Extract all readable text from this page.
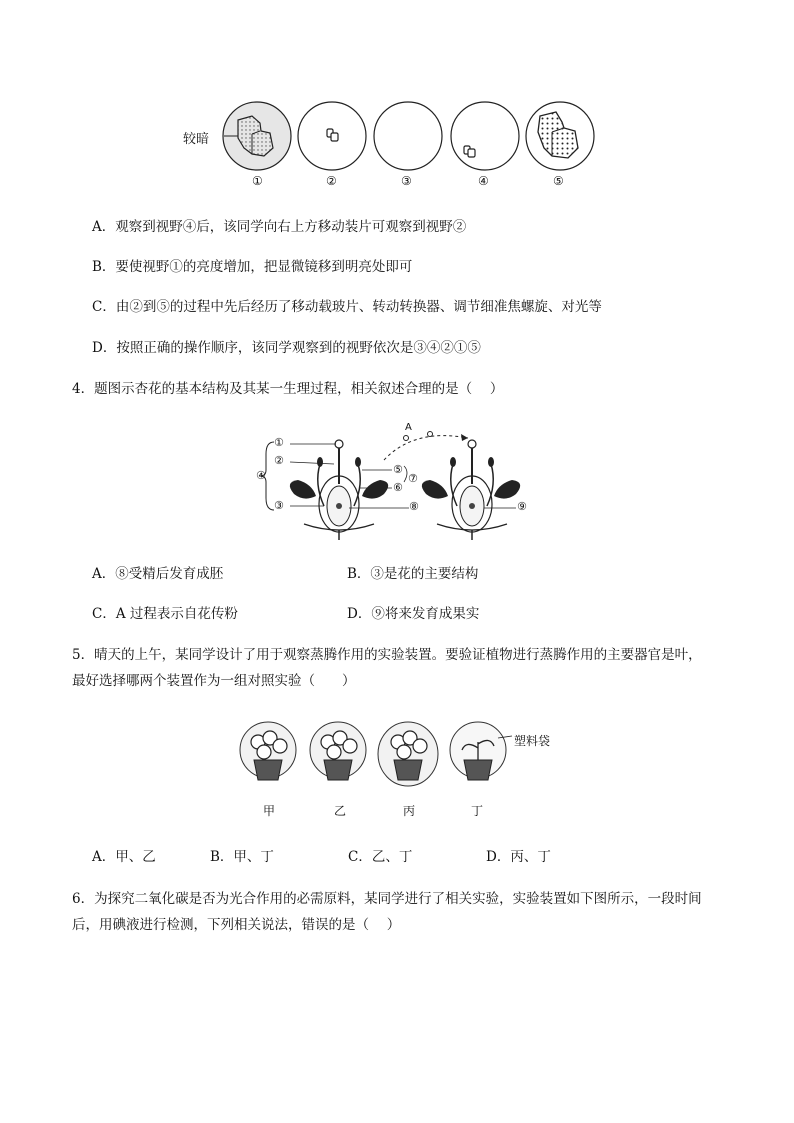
较暗
①	②	③	④	⑤
A．观察到视野④后，该同学向右上方移动装片可观察到视野②
B．要使视野①的亮度增加，把显微镜移到明亮处即可
C．由②到⑤的过程中先后经历了移动载玻片、转动转换器、调节细准焦螺旋、对光等
D．按照正确的操作顺序，该同学观察到的视野依次是③④②①⑤
4．题图示杏花的基本结构及其某一生理过程，相关叙述合理的是（　 ）
①
②
④
③
⑤
⑥
⑦
⑧	⑨
A
A．⑧受精后发育成胚	B．③是花的主要结构
C．A 过程表示自花传粉	D．⑨将来发育成果实
5．晴天的上午，某同学设计了用于观察蒸腾作用的实验装置。要验证植物进行蒸腾作用的主要器官是叶，
最好选择哪两个装置作为一组对照实验（　　）
塑料袋
甲	乙	丙	丁
A．甲、乙	B．甲、丁	C．乙、丁	D．丙、丁
6．为探究二氧化碳是否为光合作用的必需原料，某同学进行了相关实验，实验装置如下图所示，一段时间
后，用碘液进行检测，下列相关说法，错误的是（　 ）
